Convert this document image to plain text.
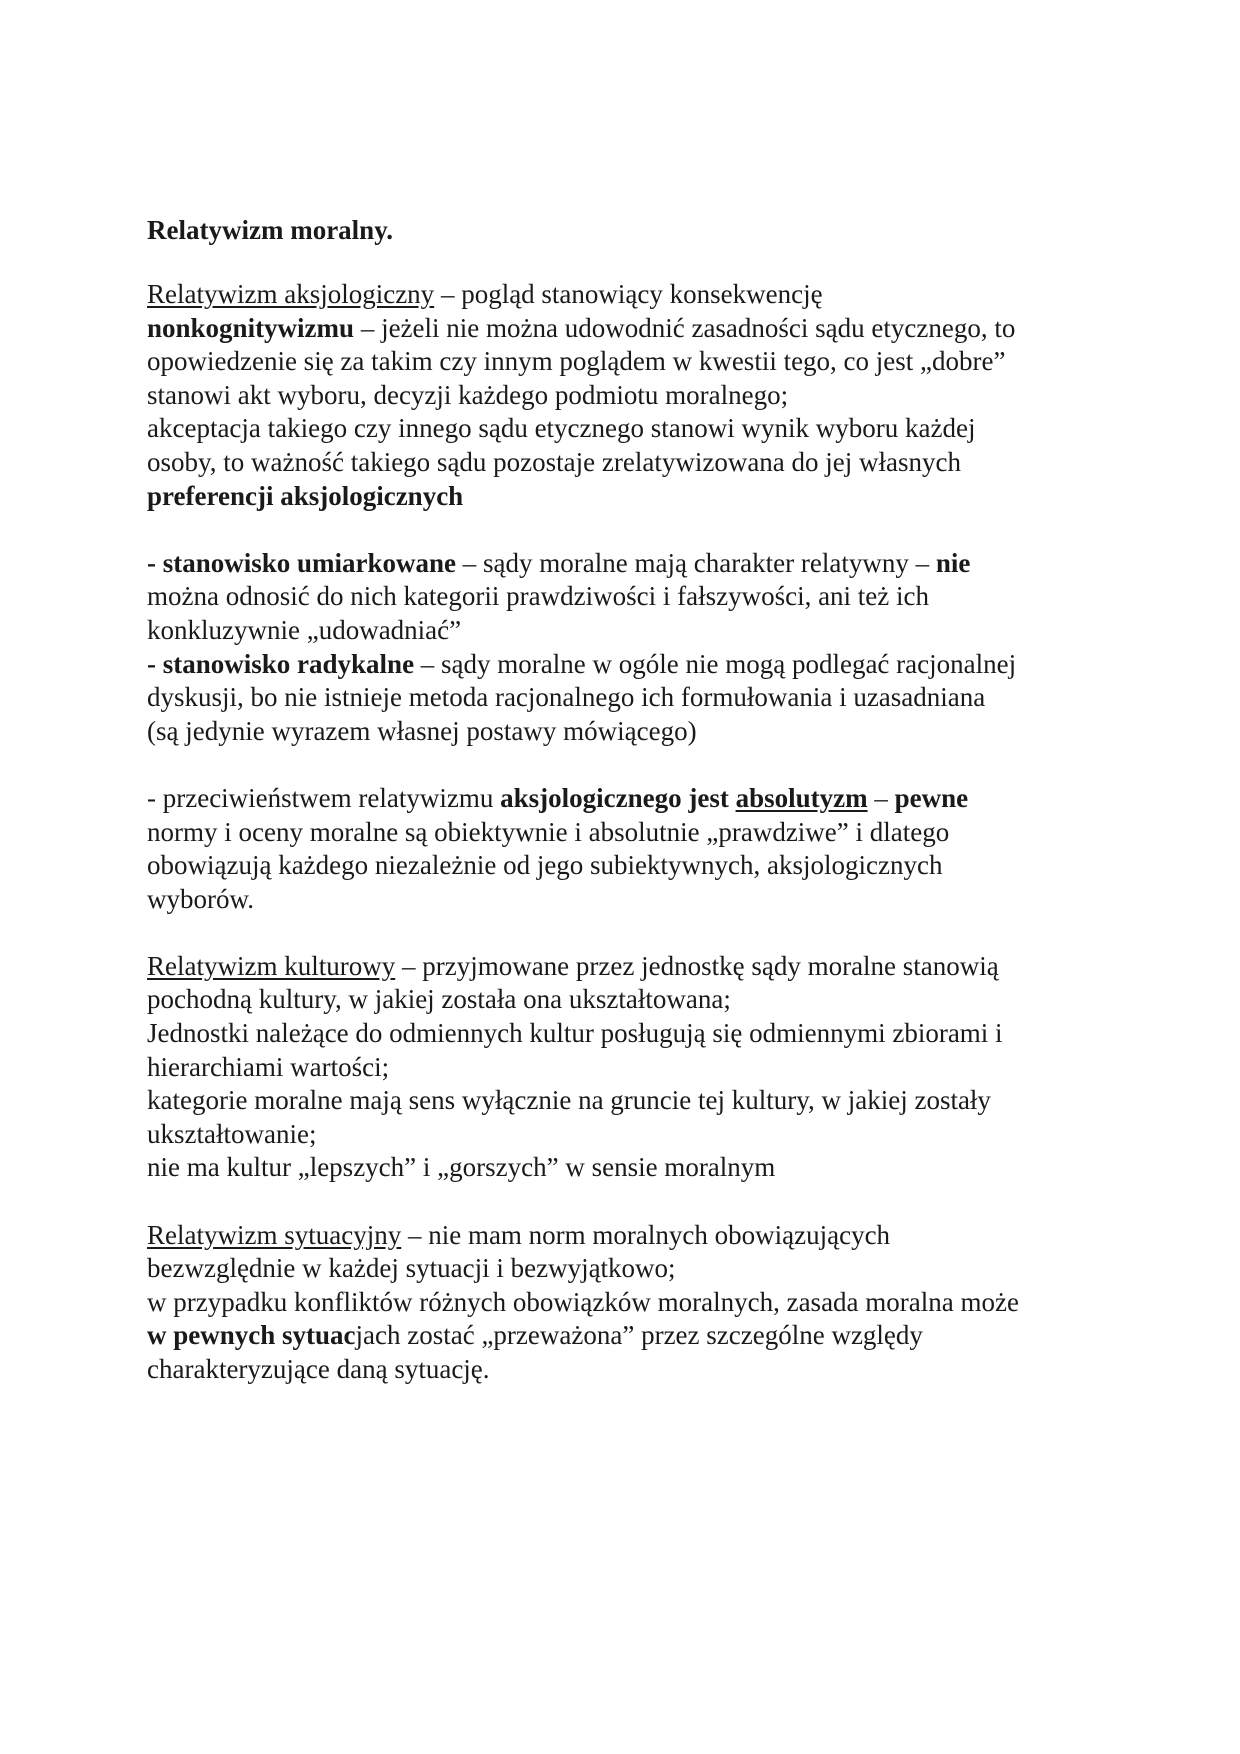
Relatywizm moralny.
Relatywizm aksjologiczny – pogląd stanowiący konsekwencję
nonkognitywizmu – jeżeli nie można udowodnić zasadności sądu etycznego, to
opowiedzenie się za takim czy innym poglądem w kwestii tego, co jest „dobre”
stanowi akt wyboru, decyzji każdego podmiotu moralnego;
akceptacja takiego czy innego sądu etycznego stanowi wynik wyboru każdej
osoby, to ważność takiego sądu pozostaje zrelatywizowana do jej własnych
preferencji aksjologicznych
- stanowisko umiarkowane – sądy moralne mają charakter relatywny – nie
można odnosić do nich kategorii prawdziwości i fałszywości, ani też ich
konkluzywnie „udowadniać”
- stanowisko radykalne – sądy moralne w ogóle nie mogą podlegać racjonalnej
dyskusji, bo nie istnieje metoda racjonalnego ich formułowania i uzasadniana
(są jedynie wyrazem własnej postawy mówiącego)
- przeciwieństwem relatywizmu aksjologicznego jest absolutyzm – pewne
normy i oceny moralne są obiektywnie i absolutnie „prawdziwe” i dlatego
obowiązują każdego niezależnie od jego subiektywnych, aksjologicznych
wyborów.
Relatywizm kulturowy – przyjmowane przez jednostkę sądy moralne stanowią
pochodną kultury, w jakiej została ona ukształtowana;
Jednostki należące do odmiennych kultur posługują się odmiennymi zbiorami i
hierarchiami wartości;
kategorie moralne mają sens wyłącznie na gruncie tej kultury, w jakiej zostały
ukształtowanie;
nie ma kultur „lepszych” i „gorszych” w sensie moralnym
Relatywizm sytuacyjny – nie mam norm moralnych obowiązujących
bezwzględnie w każdej sytuacji i bezwyjątkowo;
w przypadku konfliktów różnych obowiązków moralnych, zasada moralna może
w pewnych sytuacjach zostać „przeważona” przez szczególne względy
charakteryzujące daną sytuację.
